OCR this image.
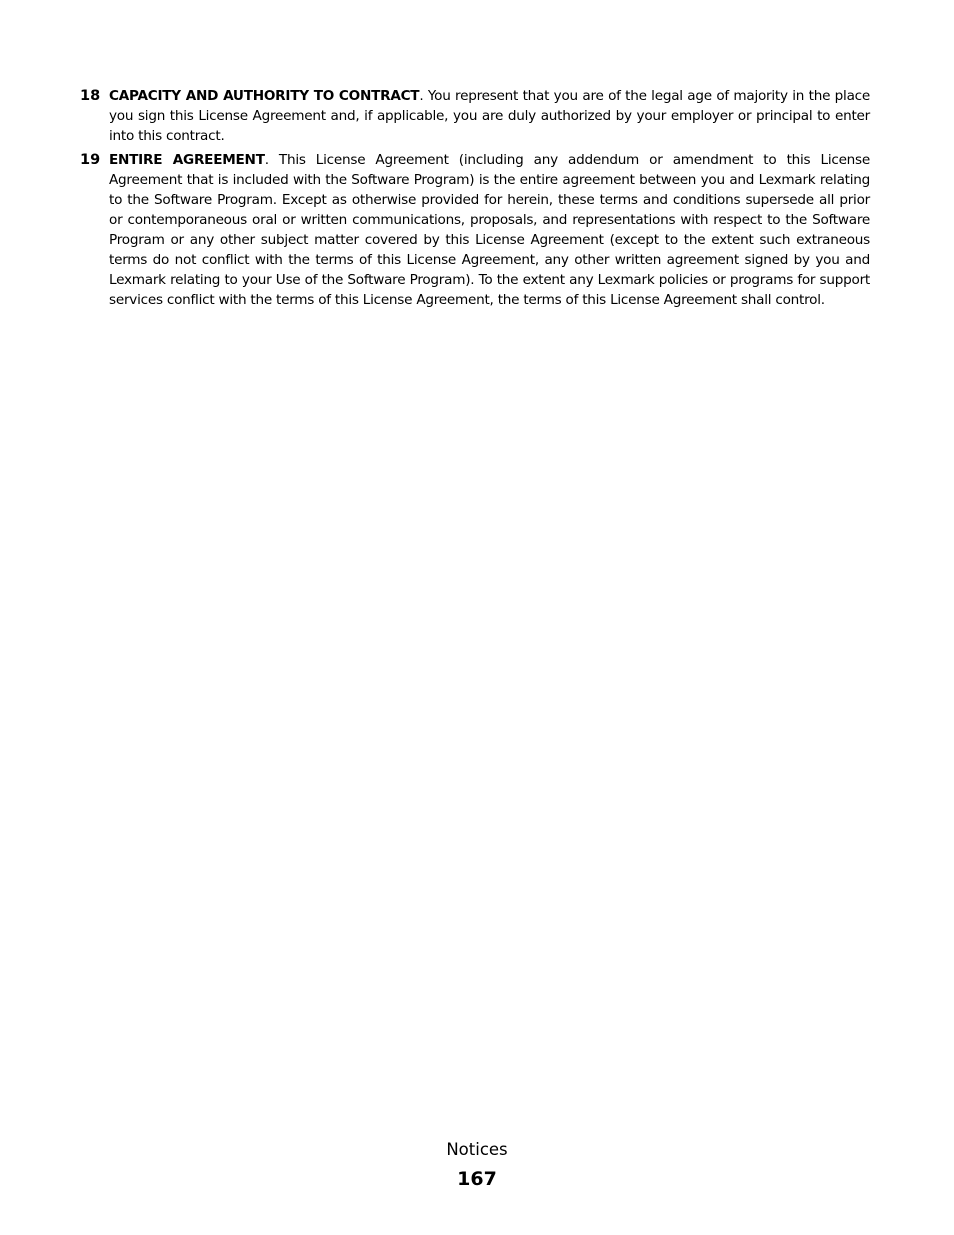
18 CAPACITY AND AUTHORITY TO CONTRACT. You represent that you are of the legal age of majority in the place you sign this License Agreement and, if applicable, you are duly authorized by your employer or principal to enter into this contract.
19 ENTIRE AGREEMENT. This License Agreement (including any addendum or amendment to this License Agreement that is included with the Software Program) is the entire agreement between you and Lexmark relating to the Software Program. Except as otherwise provided for herein, these terms and conditions supersede all prior or contemporaneous oral or written communications, proposals, and representations with respect to the Software Program or any other subject matter covered by this License Agreement (except to the extent such extraneous terms do not conflict with the terms of this License Agreement, any other written agreement signed by you and Lexmark relating to your Use of the Software Program). To the extent any Lexmark policies or programs for support services conflict with the terms of this License Agreement, the terms of this License Agreement shall control.
Notices
167
